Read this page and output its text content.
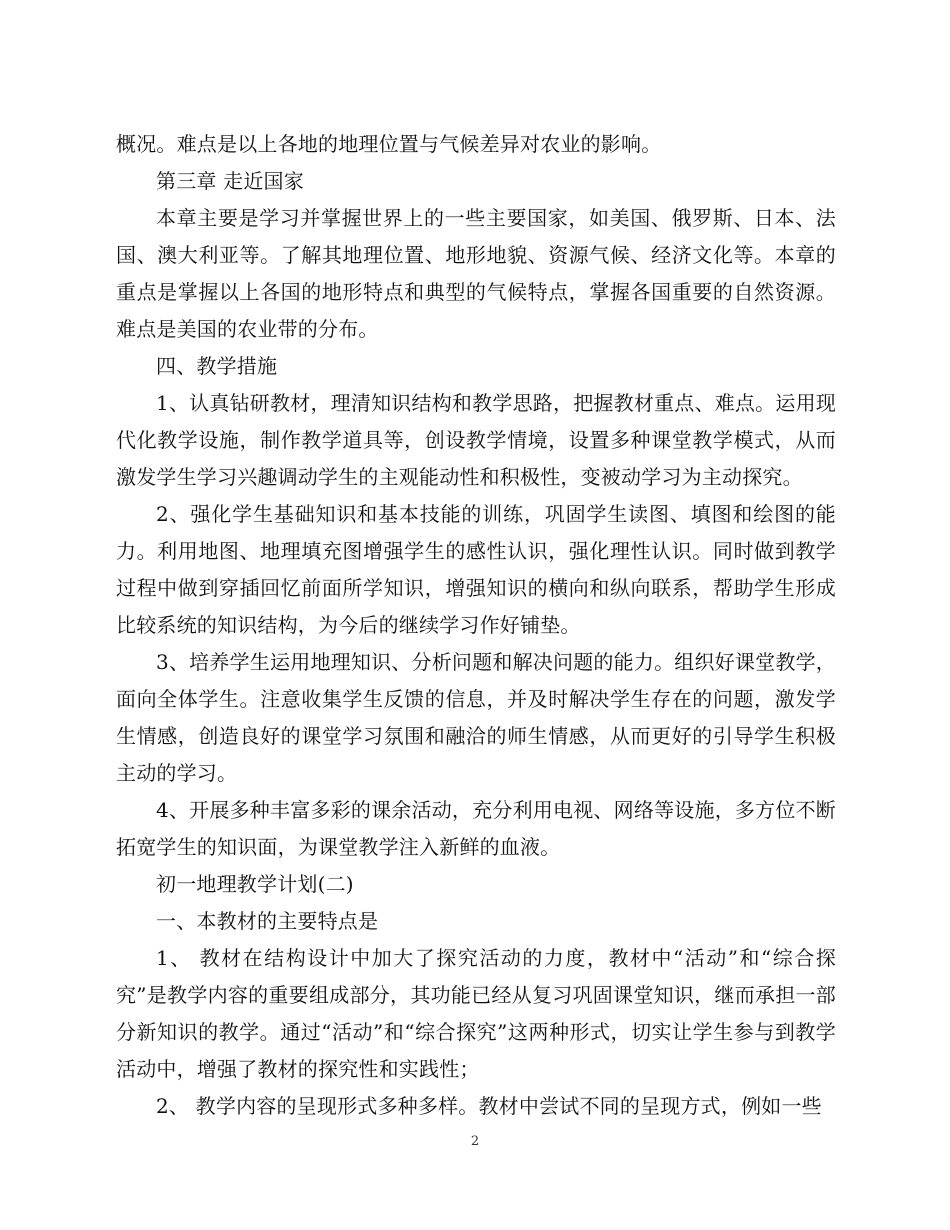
概况。难点是以上各地的地理位置与气候差异对农业的影响。

第三章 走近国家

本章主要是学习并掌握世界上的一些主要国家，如美国、俄罗斯、日本、法国、澳大利亚等。了解其地理位置、地形地貌、资源气候、经济文化等。本章的重点是掌握以上各国的地形特点和典型的气候特点，掌握各国重要的自然资源。难点是美国的农业带的分布。

四、教学措施

1、认真钻研教材，理清知识结构和教学思路，把握教材重点、难点。运用现代化教学设施，制作教学道具等，创设教学情境，设置多种课堂教学模式，从而激发学生学习兴趣调动学生的主观能动性和积极性，变被动学习为主动探究。

2、强化学生基础知识和基本技能的训练，巩固学生读图、填图和绘图的能力。利用地图、地理填充图增强学生的感性认识，强化理性认识。同时做到教学过程中做到穿插回忆前面所学知识，增强知识的横向和纵向联系，帮助学生形成比较系统的知识结构，为今后的继续学习作好铺垫。

3、培养学生运用地理知识、分析问题和解决问题的能力。组织好课堂教学，面向全体学生。注意收集学生反馈的信息，并及时解决学生存在的问题，激发学生情感，创造良好的课堂学习氛围和融洽的师生情感，从而更好的引导学生积极主动的学习。

4、开展多种丰富多彩的课余活动，充分利用电视、网络等设施，多方位不断拓宽学生的知识面，为课堂教学注入新鲜的血液。

初一地理教学计划(二)

一、本教材的主要特点是

1、 教材在结构设计中加大了探究活动的力度，教材中“活动”和“综合探究”是教学内容的重要组成部分，其功能已经从复习巩固课堂知识，继而承担一部分新知识的教学。通过“活动”和“综合探究”这两种形式，切实让学生参与到教学活动中，增强了教材的探究性和实践性；

2、 教学内容的呈现形式多种多样。教材中尝试不同的呈现方式，例如一些

2
